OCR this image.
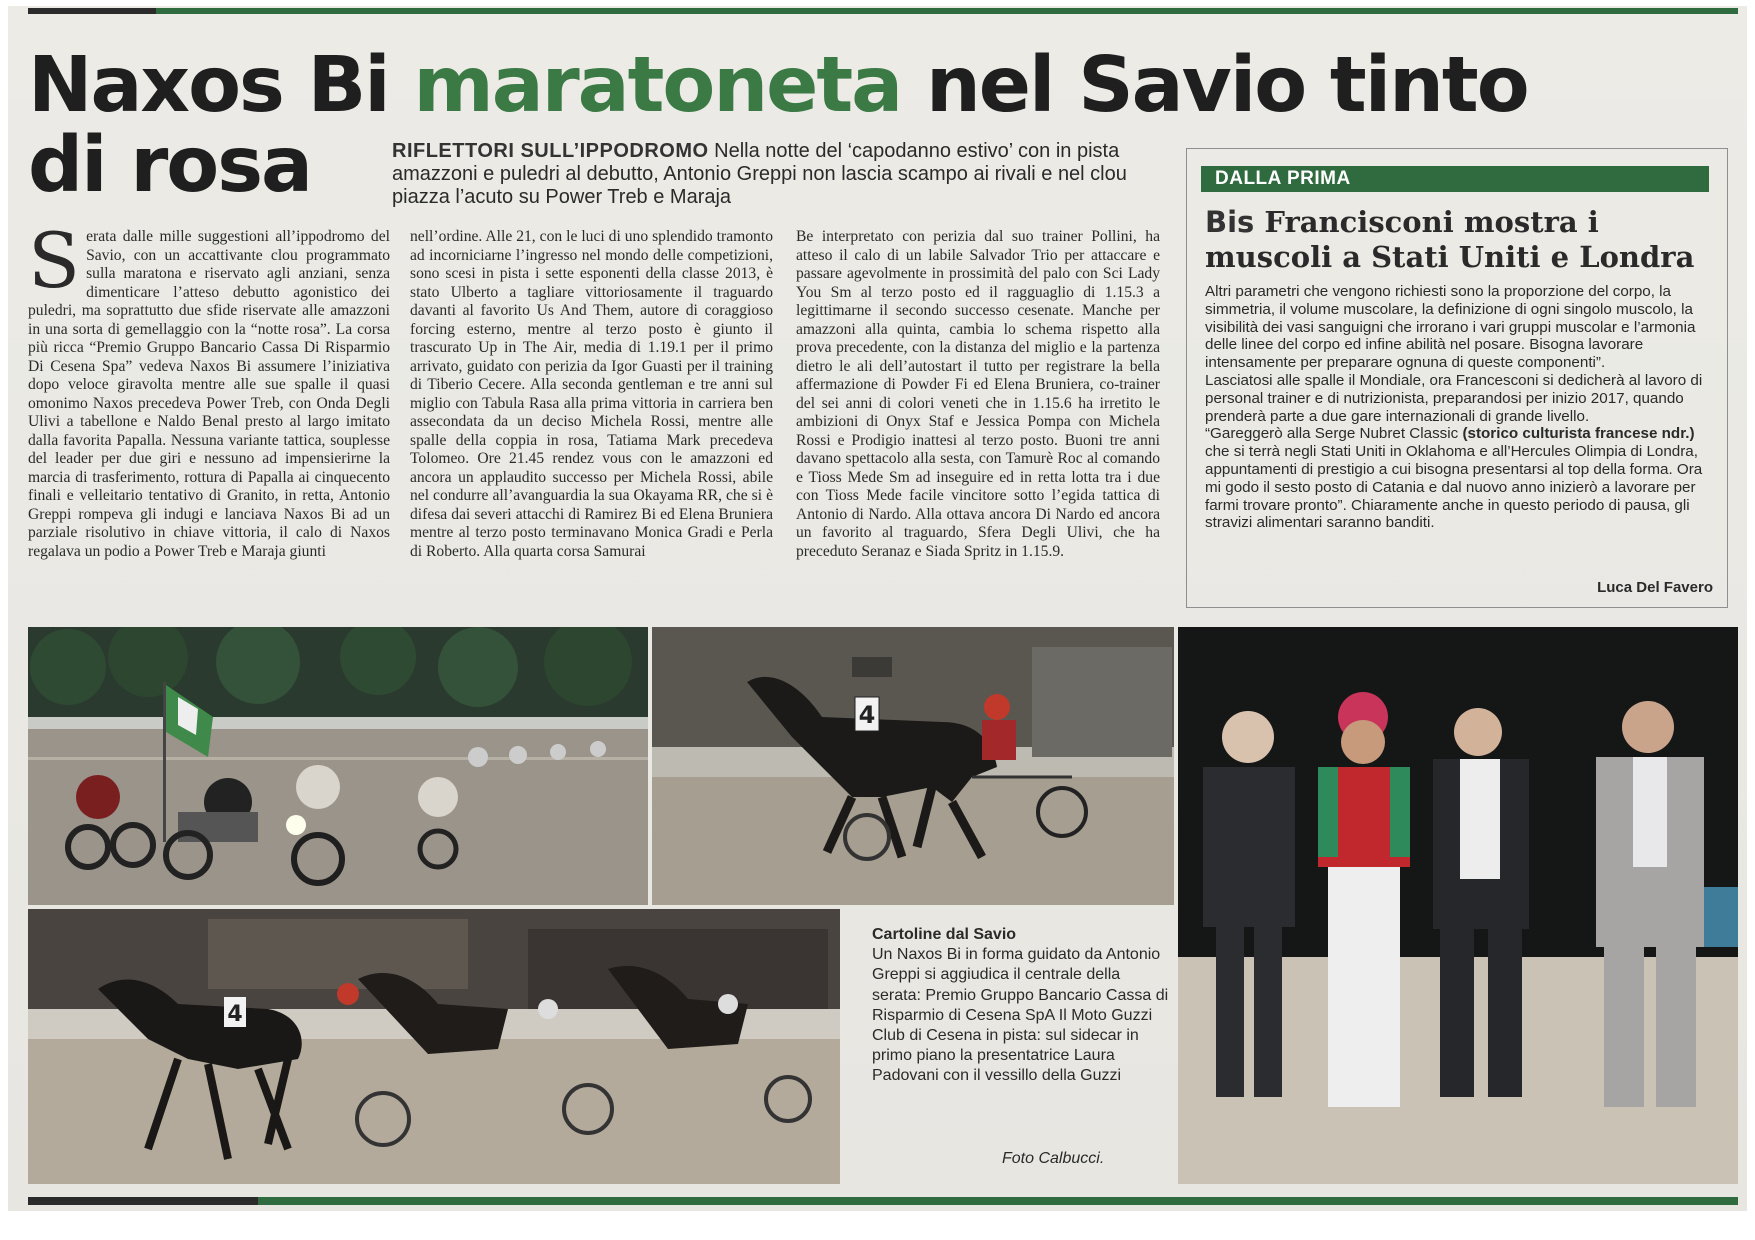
Naxos Bi maratoneta nel Savio tinto
di rosa	RIFLETTORI SULL’IPPODROMO Nella notte del ‘capodanno estivo’ con in pista amazzoni e puledri al debutto, Antonio Greppi non lascia scampo ai rivali e nel clou piazza l’acuto su Power Treb e Maraja

Serata dalle mille suggestioni all’ippodromo del Savio, con un accattivante clou programmato sulla maratona e riservato agli anziani, senza dimenticare l’atteso debutto agonistico dei puledri, ma soprattutto due sfide riservate alle amazzoni in una sorta di gemellaggio con la “notte rosa”. La corsa più ricca “Premio Gruppo Bancario Cassa Di Risparmio Di Cesena Spa” vedeva Naxos Bi assumere l’iniziativa dopo veloce giravolta mentre alle sue spalle il quasi omonimo Naxos precedeva Power Treb, con Onda Degli Ulivi a tabellone e Naldo Benal presto al largo imitato dalla favorita Papalla. Nessuna variante tattica, souplesse del leader per due giri e nessuno ad impensierirne la marcia di trasferimento, rottura di Papalla ai cinquecento finali e velleitario tentativo di Granito, in retta, Antonio Greppi rompeva gli indugi e lanciava Naxos Bi ad un parziale risolutivo in chiave vittoria, il calo di Naxos regalava un podio a Power Treb e Maraja giunti

nell’ordine. Alle 21, con le luci di uno splendido tramonto ad incorniciarne l’ingresso nel mondo delle competizioni, sono scesi in pista i sette esponenti della classe 2013, è stato Ulberto a tagliare vittoriosamente il traguardo davanti al favorito Us And Them, autore di coraggioso forcing esterno, mentre al terzo posto è giunto il trascurato Up in The Air, media di 1.19.1 per il primo arrivato, guidato con perizia da Igor Guasti per il training di Tiberio Cecere. Alla seconda gentleman e tre anni sul miglio con Tabula Rasa alla prima vittoria in carriera ben assecondata da un deciso Michela Rossi, mentre alle spalle della coppia in rosa, Tatiama Mark precedeva Tolomeo. Ore 21.45 rendez vous con le amazzoni ed ancora un applaudito successo per Michela Rossi, abile nel condurre all’avanguardia la sua Okayama RR, che si è difesa dai severi attacchi di Ramirez Bi ed Elena Bruniera mentre al terzo posto terminavano Monica Gradi e Perla di Roberto. Alla quarta corsa Samurai

Be interpretato con perizia dal suo trainer Pollini, ha atteso il calo di un labile Salvador Trio per attaccare e passare agevolmente in prossimità del palo con Sci Lady You Sm al terzo posto ed il ragguaglio di 1.15.3 a legittimarne il secondo successo cesenate. Manche per amazzoni alla quinta, cambia lo schema rispetto alla prova precedente, con la distanza del miglio e la partenza dietro le ali dell’autostart il tutto per registrare la bella affermazione di Powder Fi ed Elena Bruniera, co-trainer del sei anni di colori veneti che in 1.15.6 ha irretito le ambizioni di Onyx Staf e Jessica Pompa con Michela Rossi e Prodigio inattesi al terzo posto. Buoni tre anni davano spettacolo alla sesta, con Tamurè Roc al comando e Tioss Mede Sm ad inseguire ed in retta lotta tra i due con Tioss Mede facile vincitore sotto l’egida tattica di Antonio di Nardo. Alla ottava ancora Di Nardo ed ancora un favorito al traguardo, Sfera Degli Ulivi, che ha preceduto Seranaz e Siada Spritz in 1.15.9.

DALLA PRIMA
Bis Francisconi mostra i muscoli a Stati Uniti e Londra

Altri parametri che vengono richiesti sono la proporzione del corpo, la simmetria, il volume muscolare, la definizione di ogni singolo muscolo, la visibilità dei vasi sanguigni che irrorano i vari gruppi muscolar e l’armonia delle linee del corpo ed infine abilità nel posare. Bisogna lavorare intensamente per preparare ognuna di queste componenti”.

Lasciatosi alle spalle il Mondiale, ora Francesconi si dedicherà al lavoro di personal trainer e di nutrizionista, preparandosi per inizio 2017, quando prenderà parte a due gare internazionali di grande livello.

“Gareggerò alla Serge Nubret Classic (storico culturista francese ndr.) che si terrà negli Stati Uniti in Oklahoma e all’Hercules Olimpia di Londra, appuntamenti di prestigio a cui bisogna presentarsi al top della forma. Ora mi godo il sesto posto di Catania e dal nuovo anno inizierò a lavorare per farmi trovare pronto”. Chiaramente anche in questo periodo di pausa, gli stravizi alimentari saranno banditi.

Luca Del Favero
4
4

Cartoline dal Savio
Un Naxos Bi in forma guidato da Antonio Greppi si aggiudica il centrale della serata: Premio Gruppo Bancario Cassa di Risparmio di Cesena SpA Il Moto Guzzi Club di Cesena in pista: sul sidecar in primo piano la presentatrice Laura Padovani con il vessillo della Guzzi

Foto Calbucci.
